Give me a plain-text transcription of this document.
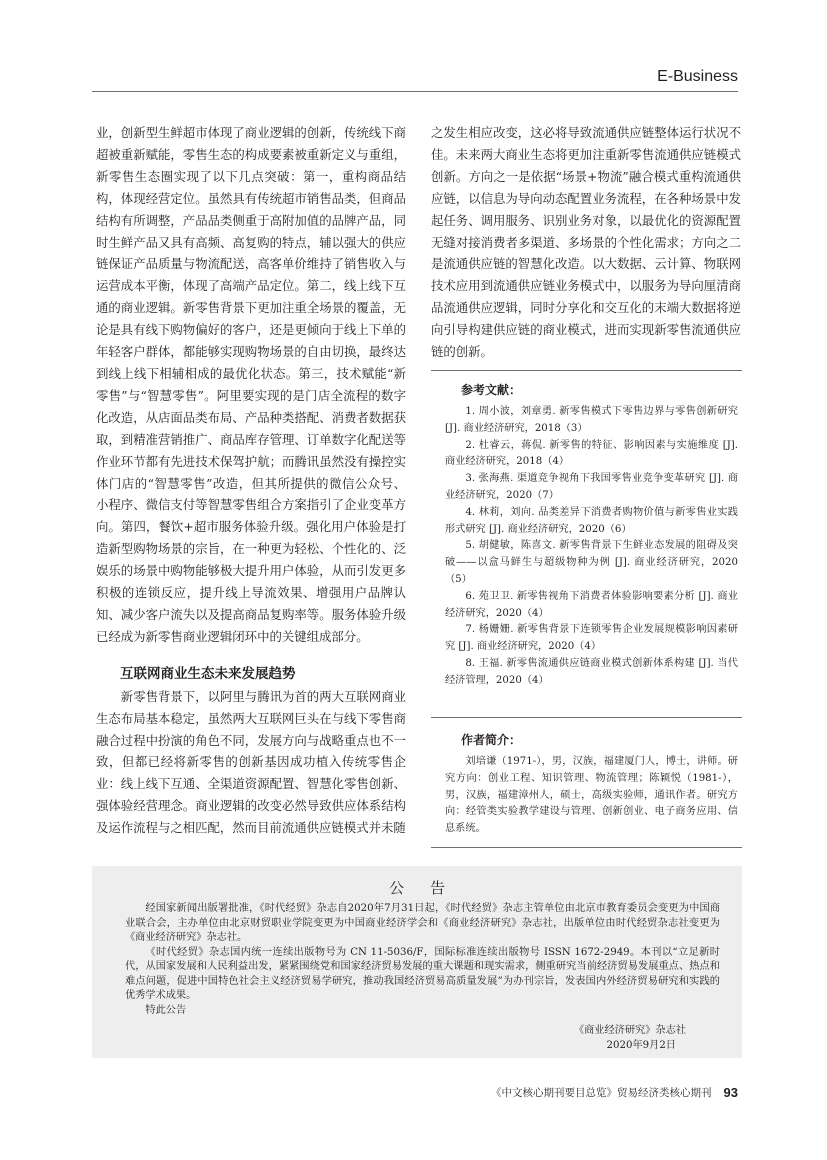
E-Business

业，创新型生鲜超市体现了商业逻辑的创新，传统线下商超被重新赋能，零售生态的构成要素被重新定义与重组，新零售生态圈实现了以下几点突破：第一，重构商品结构，体现经营定位。虽然具有传统超市销售品类，但商品结构有所调整，产品品类侧重于高附加值的品牌产品，同时生鲜产品又具有高频、高复购的特点，辅以强大的供应链保证产品质量与物流配送，高客单价维持了销售收入与运营成本平衡，体现了高端产品定位。第二，线上线下互通的商业逻辑。新零售背景下更加注重全场景的覆盖，无论是具有线下购物偏好的客户，还是更倾向于线上下单的年轻客户群体，都能够实现购物场景的自由切换，最终达到线上线下相辅相成的最优化状态。第三，技术赋能“新零售”与“智慧零售”。阿里要实现的是门店全流程的数字化改造，从店面品类布局、产品种类搭配、消费者数据获取，到精准营销推广、商品库存管理、订单数字化配送等作业环节都有先进技术保驾护航；而腾讯虽然没有操控实体门店的“智慧零售”改造，但其所提供的微信公众号、小程序、微信支付等智慧零售组合方案指引了企业变革方向。第四，餐饮+超市服务体验升级。强化用户体验是打造新型购物场景的宗旨，在一种更为轻松、个性化的、泛娱乐的场景中购物能够极大提升用户体验，从而引发更多积极的连锁反应，提升线上导流效果、增强用户品牌认知、减少客户流失以及提高商品复购率等。服务体验升级已经成为新零售商业逻辑闭环中的关键组成部分。

互联网商业生态未来发展趋势

新零售背景下，以阿里与腾讯为首的两大互联网商业生态布局基本稳定，虽然两大互联网巨头在与线下零售商融合过程中扮演的角色不同，发展方向与战略重点也不一致，但都已经将新零售的创新基因成功植入传统零售企业：线上线下互通、全渠道资源配置、智慧化零售创新、强体验经营理念。商业逻辑的改变必然导致供应体系结构及运作流程与之相匹配，然而目前流通供应链模式并未随

之发生相应改变，这必将导致流通供应链整体运行状况不佳。未来两大商业生态将更加注重新零售流通供应链模式创新。方向之一是依据“场景+物流”融合模式重构流通供应链，以信息为导向动态配置业务流程，在各种场景中发起任务、调用服务、识别业务对象，以最优化的资源配置无缝对接消费者多渠道、多场景的个性化需求；方向之二是流通供应链的智慧化改造。以大数据、云计算、物联网技术应用到流通供应链业务模式中，以服务为导向厘清商品流通供应逻辑，同时分享化和交互化的末端大数据将逆向引导构建供应链的商业模式，进而实现新零售流通供应链的创新。

参考文献：

1. 周小波，刘章勇. 新零售模式下零售边界与零售创新研究 [J]. 商业经济研究，2018（3）

2. 杜睿云，蒋侃. 新零售的特征、影响因素与实施维度 [J]. 商业经济研究，2018（4）

3. 张海燕. 渠道竞争视角下我国零售业竞争变革研究 [J]. 商业经济研究，2020（7）

4. 林莉，刘向. 品类差异下消费者购物价值与新零售业实践形式研究 [J]. 商业经济研究，2020（6）

5. 胡健敏，陈喜文. 新零售背景下生鲜业态发展的阻碍及突破——以盒马鲜生与超级物种为例 [J]. 商业经济研究，2020（5）

6. 苑卫卫. 新零售视角下消费者体验影响要素分析 [J]. 商业经济研究，2020（4）

7. 杨姗姗. 新零售背景下连锁零售企业发展规模影响因素研究 [J]. 商业经济研究，2020（4）

8. 王福. 新零售流通供应链商业模式创新体系构建 [J]. 当代经济管理，2020（4）

作者简介：

刘培谦（1971-），男，汉族，福建厦门人，博士，讲师。研究方向：创业工程、知识管理、物流管理；陈颖悦（1981-），男，汉族，福建漳州人，硕士，高级实验师，通讯作者。研究方向：经管类实验教学建设与管理、创新创业、电子商务应用、信息系统。

公告

经国家新闻出版署批准，《时代经贸》杂志自2020年7月31日起，《时代经贸》杂志主管单位由北京市教育委员会变更为中国商业联合会，主办单位由北京财贸职业学院变更为中国商业经济学会和《商业经济研究》杂志社，出版单位由时代经贸杂志社变更为《商业经济研究》杂志社。

《时代经贸》杂志国内统一连续出版物号为 CN 11-5036/F，国际标准连续出版物号 ISSN 1672-2949。本刊以“立足新时代，从国家发展和人民利益出发，紧紧围绕党和国家经济贸易发展的重大课题和现实需求，侧重研究当前经济贸易发展重点、热点和难点问题，促进中国特色社会主义经济贸易学研究，推动我国经济贸易高质量发展”为办刊宗旨，发表国内外经济贸易研究和实践的优秀学术成果。

特此公告

《商业经济研究》杂志社
2020年9月2日
《中文核心期刊要目总览》贸易经济类核心期刊 93
